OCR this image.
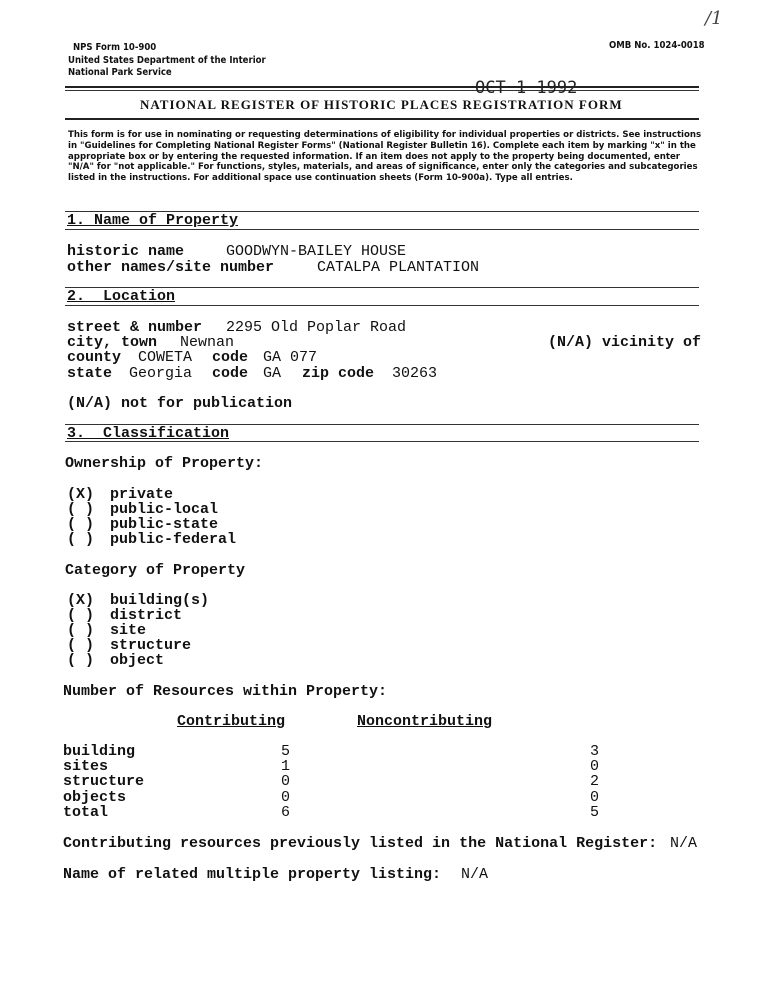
NPS Form 10-900	OMB No. 1024-0018
United States Department of the Interior
National Park Service
/1
NATIONAL REGISTER OF HISTORIC PLACES REGISTRATION FORM
OCT 1 1992
This form is for use in nominating or requesting determinations of eligibility for individual properties or districts. See instructions in "Guidelines for Completing National Register Forms" (National Register Bulletin 16). Complete each item by marking "x" in the appropriate box or by entering the requested information. If an item does not apply to the property being documented, enter "N/A" for "not applicable." For functions, styles, materials, and areas of significance, enter only the categories and subcategories listed in the instructions. For additional space use continuation sheets (Form 10-900a). Type all entries.
1. Name of Property
historic name	GOODWYN-BAILEY HOUSE
other names/site number	CATALPA PLANTATION
2.  Location
street & number 2295 Old Poplar Road
city, town Newnan	(N/A) vicinity of
county COWETA code GA 077
state Georgia code GA zip code 30263
(N/A) not for publication
3.  Classification
Ownership of Property:
(X) private
( ) public-local
( ) public-state
( ) public-federal
Category of Property
(X) building(s)
( ) district
( ) site
( ) structure
( ) object
Number of Resources within Property:
Contributing	Noncontributing
building	5	3
sites	1	0
structure	0	2
objects	0	0
total	6	5
Contributing resources previously listed in the National Register: N/A
Name of related multiple property listing: N/A
